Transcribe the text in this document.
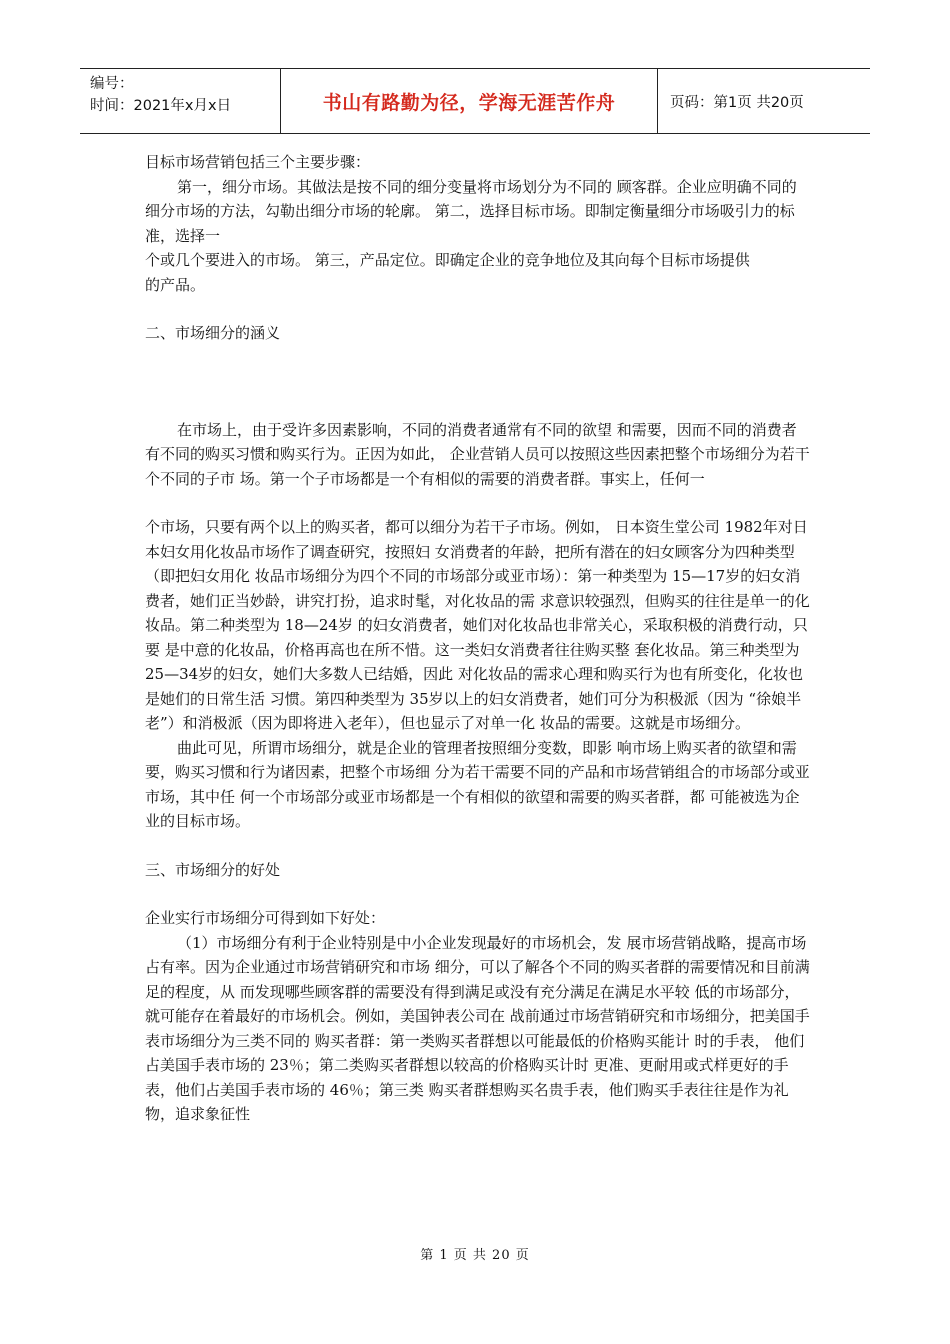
编号：
时间：2021年x月x日	书山有路勤为径，学海无涯苦作舟	页码：第1页 共20页

目标市场营销包括三个主要步骤：

第一，细分市场。其做法是按不同的细分变量将市场划分为不同的 顾客群。企业应明确不同的细分市场的方法，勾勒出细分市场的轮廓。 第二，选择目标市场。即制定衡量细分市场吸引力的标准，选择一

个或几个要进入的市场。 第三，产品定位。即确定企业的竞争地位及其向每个目标市场提供

的产品。

二、市场细分的涵义

在市场上，由于受许多因素影响，不同的消费者通常有不同的欲望 和需要，因而不同的消费者有不同的购买习惯和购买行为。正因为如此， 企业营销人员可以按照这些因素把整个市场细分为若干个不同的子市 场。第一个子市场都是一个有相似的需要的消费者群。事实上，任何一

个市场，只要有两个以上的购买者，都可以细分为若干子市场。例如， 日本资生堂公司 1982年对日本妇女用化妆品市场作了调查研究，按照妇 女消费者的年龄，把所有潜在的妇女顾客分为四种类型（即把妇女用化 妆品市场细分为四个不同的市场部分或亚市场）：第一种类型为 15—17岁的妇女消费者，她们正当妙龄，讲究打扮，追求时髦，对化妆品的需 求意识较强烈，但购买的往往是单一的化妆品。第二种类型为 18—24岁 的妇女消费者，她们对化妆品也非常关心，采取积极的消费行动，只要 是中意的化妆品，价格再高也在所不惜。这一类妇女消费者往往购买整 套化妆品。第三种类型为 25—34岁的妇女，她们大多数人已结婚，因此 对化妆品的需求心理和购买行为也有所变化，化妆也是她们的日常生活 习惯。第四种类型为 35岁以上的妇女消费者，她们可分为积极派（因为 “徐娘半老”）和消极派（因为即将进入老年），但也显示了对单一化 妆品的需要。这就是市场细分。

曲此可见，所谓市场细分，就是企业的管理者按照细分变数，即影 响市场上购买者的欲望和需要，购买习惯和行为诸因素，把整个市场细 分为若干需要不同的产品和市场营销组合的市场部分或亚市场，其中任 何一个市场部分或亚市场都是一个有相似的欲望和需要的购买者群，都 可能被选为企业的目标市场。

三、市场细分的好处

企业实行市场细分可得到如下好处：

（1）市场细分有利于企业特别是中小企业发现最好的市场机会，发 展市场营销战略，提高市场占有率。因为企业通过市场营销研究和市场 细分，可以了解各个不同的购买者群的需要情况和目前满足的程度，从 而发现哪些顾客群的需要没有得到满足或没有充分满足在满足水平较 低的市场部分，就可能存在着最好的市场机会。例如，美国钟表公司在 战前通过市场营销研究和市场细分，把美国手表市场细分为三类不同的 购买者群：第一类购买者群想以可能最低的价格购买能计 时的手表， 他们占美国手表市场的 23％；第二类购买者群想以较高的价格购买计时 更准、更耐用或式样更好的手表，他们占美国手表市场的 46％；第三类 购买者群想购买名贵手表，他们购买手表往往是作为礼物，追求象征性

第 1 页 共 20 页
